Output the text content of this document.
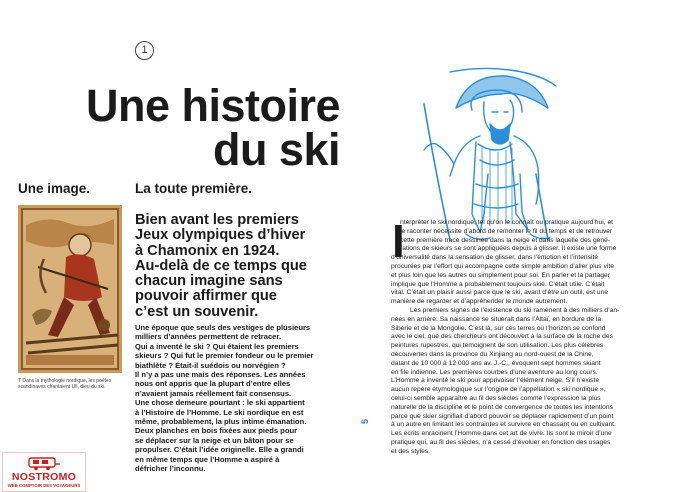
1
Une histoire
du ski
Une image.	La toute première.

T Dans la mythologie nordique, les poètes scandinaves chantaient Ull, dieu du ski.

Bien avant les premiers
Jeux olympiques d’hiver
à Chamonix en 1924.
Au-delà de ce temps que
chacun imagine sans
pouvoir affirmer que
c’est un souvenir.

Une époque que seuls des vestiges de plusieurs
milliers d’années permettent de retracer.
Qui a inventé le ski ? Qui étaient les premiers
skieurs ? Qui fut le premier fondeur ou le premier
biathlète ? Était-il suédois ou norvégien ?
Il n’y a pas une mais des réponses. Les années
nous ont appris que la plupart d’entre elles
n’avaient jamais réellement fait consensus.
Une chose demeure pourtant : le ski appartient
à l’Histoire de l’Homme. Le ski nordique en est
même, probablement, la plus intime émanation.
Deux planches en bois fixées aux pieds pour
se déplacer sur la neige et un bâton pour se
propulser. C’était l’idée originelle. Elle a grandi
en même temps que l’Homme a aspiré à
défricher l’inconnu.

NOSTROMO
WEB COMPTOIR DES VOYAGEURS
5
I

nterpréter le ski nordique, tel qu’on le connaît ou pratique aujourd’hui, et
le raconter nécessite d’abord de remonter le fil du temps et de retrouver
cette première trace dessinée dans la neige et dans laquelle des géné-
rations de skieurs se sont appliquées depuis à glisser. Il existe une forme
d’universalité dans la sensation de glisser, dans l’émotion et l’intensité
procurées par l’effort qui accompagne cette simple ambition d’aller plus vite
et plus loin que les autres ou simplement pour soi. En parler et la partager
implique que l’Homme a probablement toujours skié. C’était utile. C’était
vital. C’était un plaisir aussi parce que le ski, avant d’être un outil, est une
manière de regarder et d’appréhender le monde autrement.
Les premiers signes de l’existence du ski ramènent à des milliers d’an-
nées en arrière. Sa naissance se situerait dans l’Altaï, en bordure de la
Sibérie et de la Mongolie. C’est là, sur ces terres où l’horizon se confond
avec le ciel, que des chercheurs ont découvert à la surface de la roche des
peintures rupestres, qui témoignent de son utilisation. Les plus célèbres
découvertes dans la province du Xinjiang au nord-ouest de la Chine,
datant de 10 000 à 12 000 ans av. J.-C., évoquent sept hommes skiant
en file indienne. Les premières courbes d’une aventure au long cours.
L’Homme a inventé le ski pour apprivoiser l’élément neige. S’il n’existe
aucun repère étymologique sur l’origine de l’appellation « ski nordique »,
celui-ci semble apparaître au fil des siècles comme l’expression la plus
naturelle de la discipline et le point de convergence de toutes les intentions
parce que skier signifiait d’abord pouvoir se déplacer rapidement d’un point
à un autre en limitant les contraintes et survivre en chassant ou en cultivant.
Les écrits enracinent l’Homme dans cet art de vivre. Ils sont le miroir d’une
pratique qui, au fil des siècles, n’a cessé d’évoluer en fonction des usages
et des styles.
